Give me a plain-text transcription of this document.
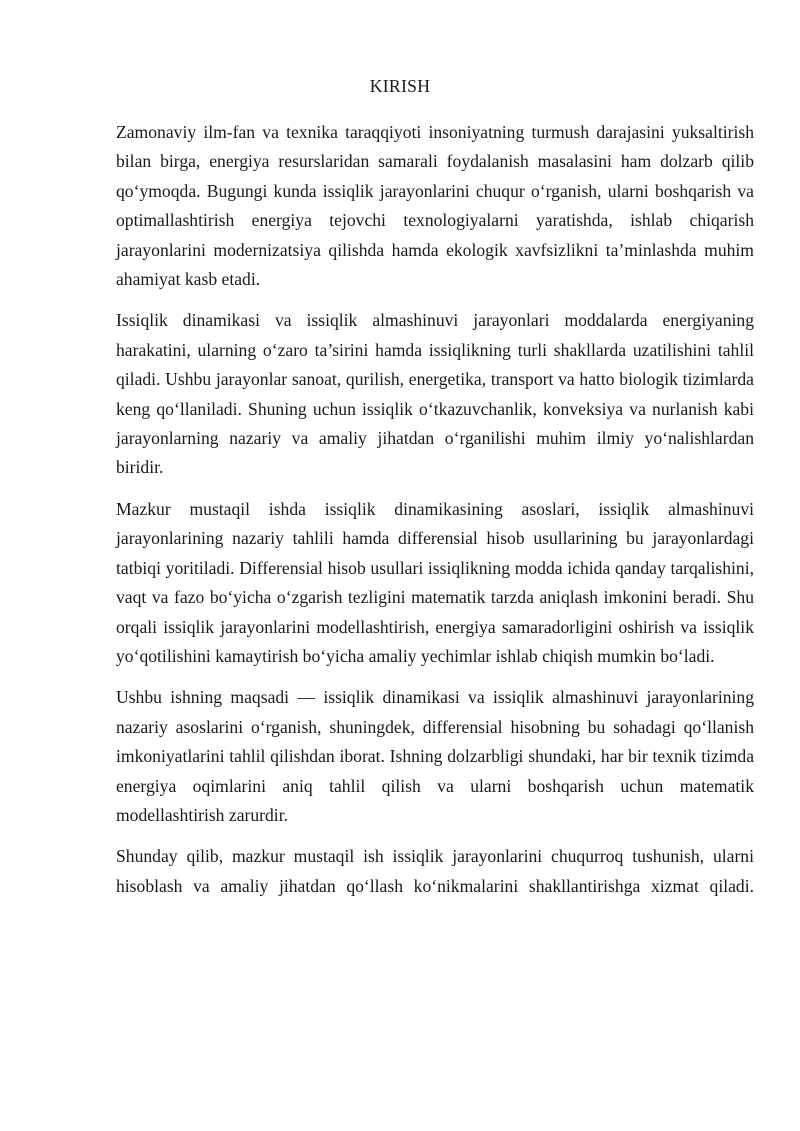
KIRISH

Zamonaviy ilm-fan va texnika taraqqiyoti insoniyatning turmush darajasini yuksaltirish bilan birga, energiya resurslaridan samarali foydalanish masalasini ham dolzarb qilib qo‘ymoqda. Bugungi kunda issiqlik jarayonlarini chuqur o‘rganish, ularni boshqarish va optimallashtirish energiya tejovchi texnologiyalarni yaratishda, ishlab chiqarish jarayonlarini modernizatsiya qilishda hamda ekologik xavfsizlikni ta’minlashda muhim ahamiyat kasb etadi.

Issiqlik dinamikasi va issiqlik almashinuvi jarayonlari moddalarda energiyaning harakatini, ularning o‘zaro ta’sirini hamda issiqlikning turli shakllarda uzatilishini tahlil qiladi. Ushbu jarayonlar sanoat, qurilish, energetika, transport va hatto biologik tizimlarda keng qo‘llaniladi. Shuning uchun issiqlik o‘tkazuvchanlik, konveksiya va nurlanish kabi jarayonlarning nazariy va amaliy jihatdan o‘rganilishi muhim ilmiy yo‘nalishlardan biridir.

Mazkur mustaqil ishda issiqlik dinamikasining asoslari, issiqlik almashinuvi jarayonlarining nazariy tahlili hamda differensial hisob usullarining bu jarayonlardagi tatbiqi yoritiladi. Differensial hisob usullari issiqlikning modda ichida qanday tarqalishini, vaqt va fazo bo‘yicha o‘zgarish tezligini matematik tarzda aniqlash imkonini beradi. Shu orqali issiqlik jarayonlarini modellashtirish, energiya samaradorligini oshirish va issiqlik yo‘qotilishini kamaytirish bo‘yicha amaliy yechimlar ishlab chiqish mumkin bo‘ladi.

Ushbu ishning maqsadi — issiqlik dinamikasi va issiqlik almashinuvi jarayonlarining nazariy asoslarini o‘rganish, shuningdek, differensial hisobning bu sohadagi qo‘llanish imkoniyatlarini tahlil qilishdan iborat. Ishning dolzarbligi shundaki, har bir texnik tizimda energiya oqimlarini aniq tahlil qilish va ularni boshqarish uchun matematik modellashtirish zarurdir.

Shunday qilib, mazkur mustaqil ish issiqlik jarayonlarini chuqurroq tushunish, ularni hisoblash va amaliy jihatdan qo‘llash ko‘nikmalarini shakllantirishga xizmat qiladi.
